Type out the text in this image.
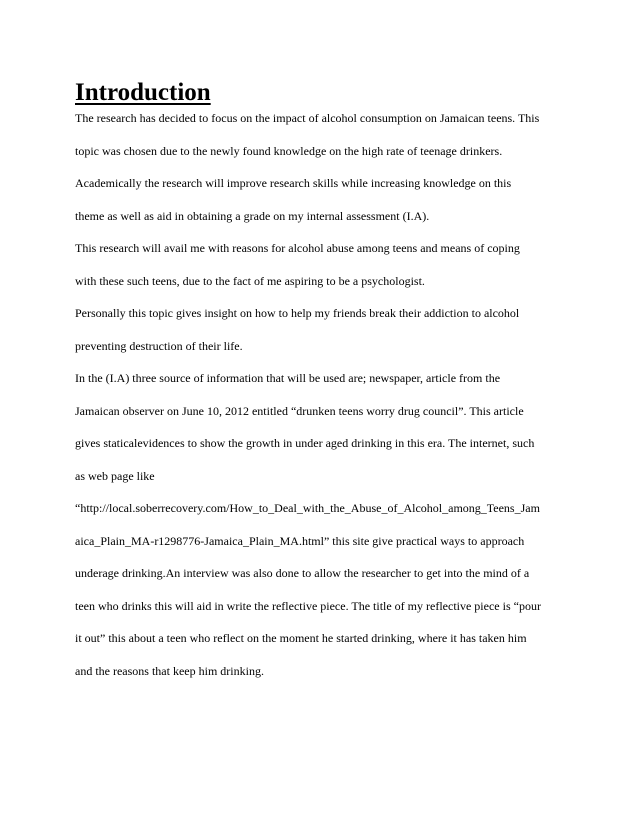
Introduction
The research has decided to focus on the impact of alcohol consumption on Jamaican teens. This
topic was chosen due to the newly found knowledge on the high rate of teenage drinkers.
Academically the research will improve research skills while increasing knowledge on this
theme as well as aid in obtaining a grade on my internal assessment (I.A).
This research will avail me with reasons for alcohol abuse among teens and means of coping
with these such teens, due to the fact of me aspiring to be a psychologist.
Personally this topic gives insight on how to help my friends break their addiction to alcohol
preventing destruction of their life.
In the (I.A) three source of information that will be used are; newspaper, article from the
Jamaican observer on June 10, 2012 entitled “drunken teens worry drug council”. This article
gives staticalevidences to show the growth in under aged drinking in this era. The internet, such
as web page like
“http://local.soberrecovery.com/How_to_Deal_with_the_Abuse_of_Alcohol_among_Teens_Jam
aica_Plain_MA-r1298776-Jamaica_Plain_MA.html” this site give practical ways to approach
underage drinking.An interview was also done to allow the researcher to get into the mind of a
teen who drinks this will aid in write the reflective piece. The title of my reflective piece is “pour
it out” this about a teen who reflect on the moment he started drinking, where it has taken him
and the reasons that keep him drinking.
